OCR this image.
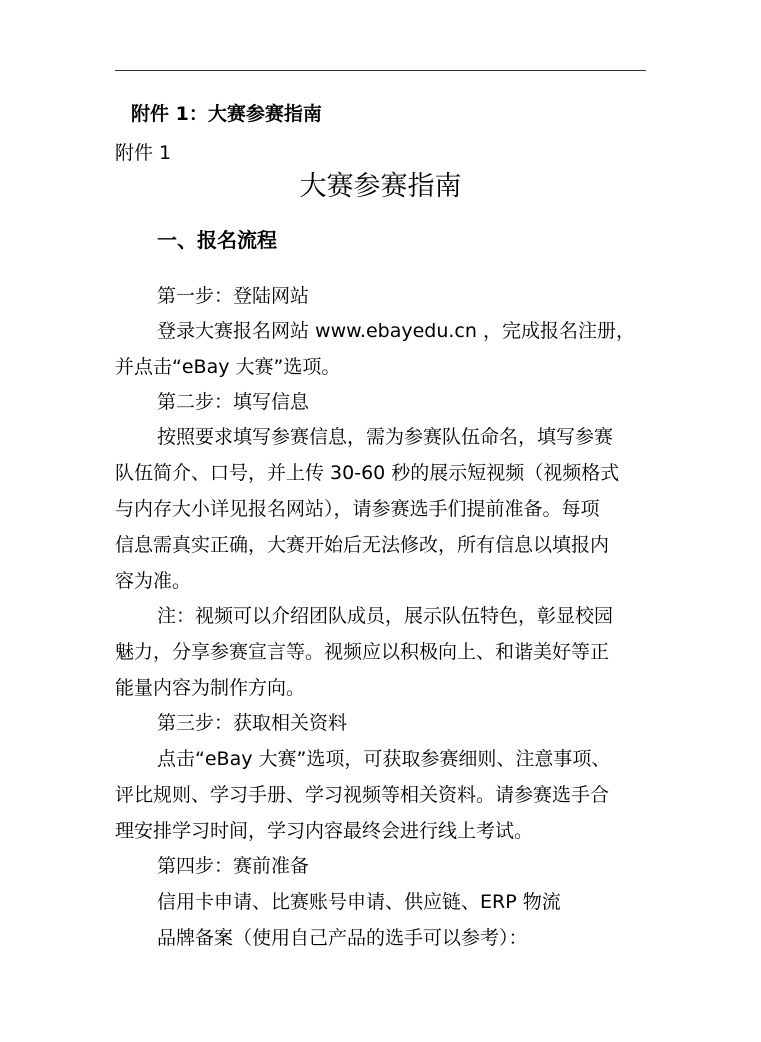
附件 1：大赛参赛指南
附件 1
大赛参赛指南
一、报名流程
第一步：登陆网站
登录大赛报名网站 www.ebayedu.cn ，完成报名注册，
并点击“eBay 大赛”选项。
第二步：填写信息
按照要求填写参赛信息，需为参赛队伍命名，填写参赛
队伍简介、口号，并上传 30-60 秒的展示短视频（视频格式
与内存大小详见报名网站），请参赛选手们提前准备。每项
信息需真实正确，大赛开始后无法修改，所有信息以填报内
容为准。
注：视频可以介绍团队成员，展示队伍特色，彰显校园
魅力，分享参赛宣言等。视频应以积极向上、和谐美好等正
能量内容为制作方向。
第三步：获取相关资料
点击“eBay 大赛”选项，可获取参赛细则、注意事项、
评比规则、学习手册、学习视频等相关资料。请参赛选手合
理安排学习时间，学习内容最终会进行线上考试。
第四步：赛前准备
信用卡申请、比赛账号申请、供应链、ERP 物流
品牌备案（使用自己产品的选手可以参考）：
